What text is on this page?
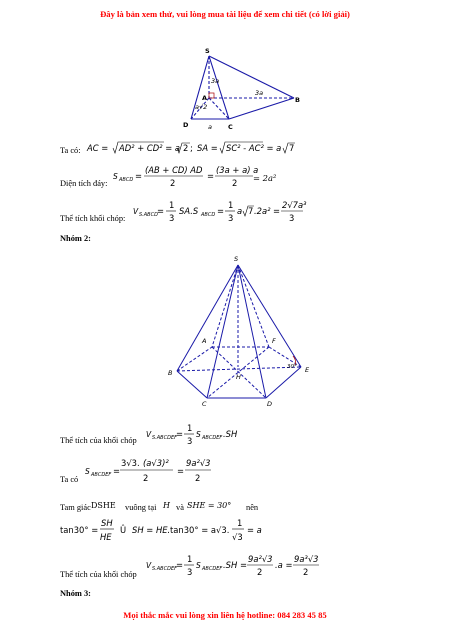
Đây là bản xem thử, vui lòng mua tài liệu để xem chi tiết (có lời giải)
S
A	B
C
D
3a
3a
a√2
a
Ta có: AC = AD² + CD² = a 2 ; SA = SC² - AC² = a 7
Diện tích đáy:
S ABCD =
(AB + CD) AD
2
=
(3a + a) a
2 = 2a²
Thể tích khối chóp:
V S.ABCD =
1
3
SA.S ABCD =
1
3
a 7 .2a² =
2√7a³
3
Nhóm 2:
S
A
B
C	D
E
F
H
30°
Thể tích của khối chóp
V S.ABCDEF =
1
3
S ABCDEF .SH
Ta có
S ABCDEF =
3√3. (a√3)²
2
=
9a²√3
2
Tam giác DSHE vuông tại H và SHE = 30° nên
tan30° =
SH
HE
Û SH = HE. tan30° = a√3.
1
√3
= a
Thể tích của khối chóp
V S.ABCDEF =
1
3
S ABCDEF .SH =
9a²√3
2
.a =
9a³√3
2
Nhóm 3:
Mọi thắc mắc vui lòng xin liên hệ hotline: 084 283 45 85
